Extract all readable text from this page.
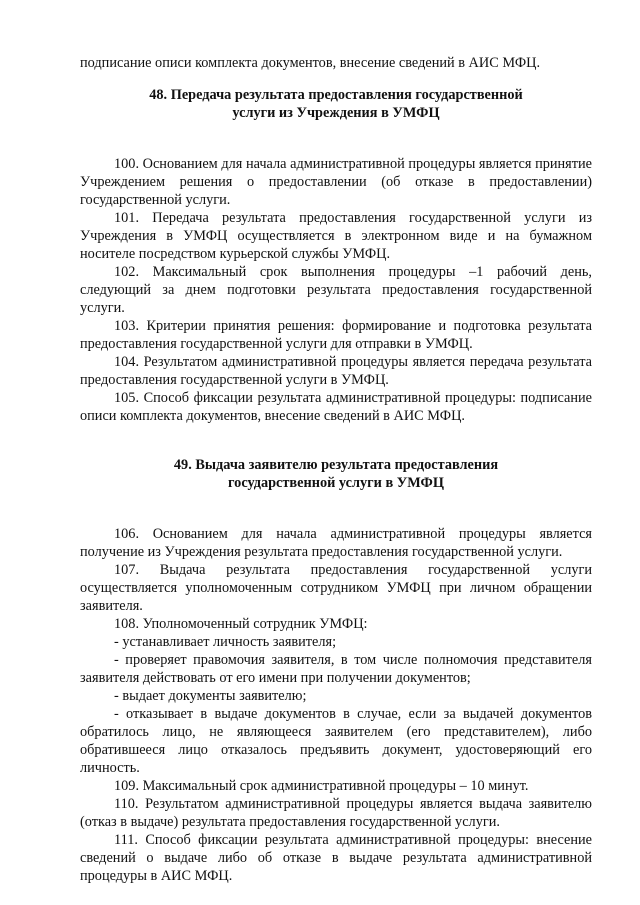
подписание описи комплекта документов, внесение сведений в АИС МФЦ.

48. Передача результата предоставления государственной
услуги из Учреждения в УМФЦ

100. Основанием для начала административной процедуры является принятие Учреждением решения о предоставлении (об отказе в предоставлении) государственной услуги.

101. Передача результата предоставления государственной услуги из Учреждения в УМФЦ осуществляется в электронном виде и на бумажном носителе посредством курьерской службы УМФЦ.

102. Максимальный срок выполнения процедуры –1 рабочий день, следующий за днем подготовки результата предоставления государственной услуги.

103. Критерии принятия решения: формирование и подготовка результата предоставления государственной услуги для отправки в УМФЦ.

104. Результатом административной процедуры является передача результата предоставления государственной услуги в УМФЦ.

105. Способ фиксации результата административной процедуры: подписание описи комплекта документов, внесение сведений в АИС МФЦ.

49. Выдача заявителю результата предоставления
государственной услуги в УМФЦ

106. Основанием для начала административной процедуры является получение из Учреждения результата предоставления государственной услуги.

107. Выдача результата предоставления государственной услуги осуществляется уполномоченным сотрудником УМФЦ при личном обращении заявителя.

108. Уполномоченный сотрудник УМФЦ:

- устанавливает личность заявителя;

- проверяет правомочия заявителя, в том числе полномочия представителя заявителя действовать от его имени при получении документов;

- выдает документы заявителю;

- отказывает в выдаче документов в случае, если за выдачей документов обратилось лицо, не являющееся заявителем (его представителем), либо обратившееся лицо отказалось предъявить документ, удостоверяющий его личность.

109. Максимальный срок административной процедуры – 10 минут.

110. Результатом административной процедуры является выдача заявителю (отказ в выдаче) результата предоставления государственной услуги.

111. Способ фиксации результата административной процедуры: внесение сведений о выдаче либо об отказе в выдаче результата административной процедуры в АИС МФЦ.
